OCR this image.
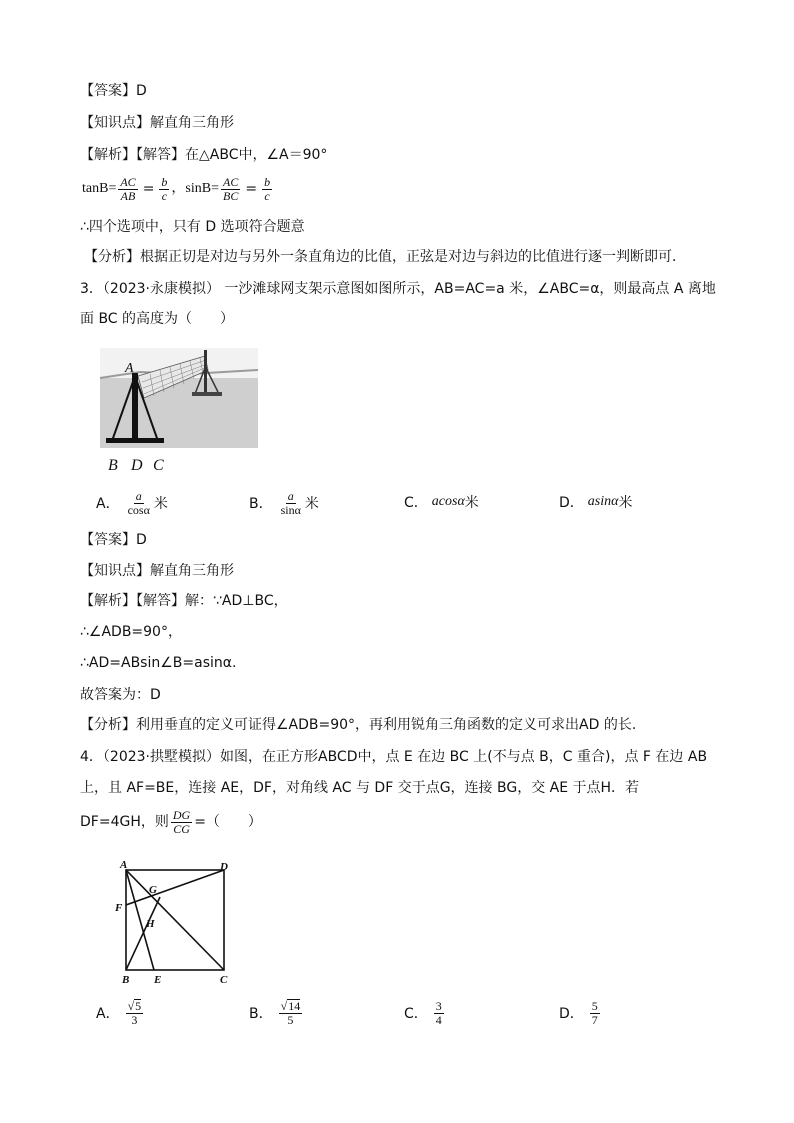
【答案】D
【知识点】解直角三角形
【解析】【解答】在△ABC中，∠A＝90°
$\tan B= \frac{AC}{AB} = \frac{b}{c}$ ，$\sin B= \frac{AC}{BC} = \frac{b}{c}$
∴四个选项中，只有 D 选项符合题意
【分析】根据正切是对边与另外一条直角边的比值，正弦是对边与斜边的比值进行逐一判断即可．
3．（2023·永康模拟） 一沙滩球网支架示意图如图所示，AB=AC=a 米，∠ABC=α，则最高点 A 离地
面 BC 的高度为（　　）
A
B D C
A． $\frac{a}{\cos\alpha}$ 米	B． $\frac{a}{\sin\alpha}$ 米	C． acosα 米	D． asinα 米
【答案】D
【知识点】解直角三角形
【解析】【解答】解：∵AD⊥BC，
∴∠ADB=90°，
∴AD=ABsin∠B=asinα.
故答案为：D
【分析】利用垂直的定义可证得∠ADB=90°，再利用锐角三角函数的定义可求出AD 的长.
4．（2023·拱墅模拟）如图，在正方形ABCD中，点 E 在边 BC 上(不与点 B，C 重合)，点 F 在边 AB
上，且 AF=BE，连接 AE，DF，对角线 AC 与 DF 交于点G，连接 BG，交 AE 于点H．若
DF=4GH，则 $\frac{DG}{CG}$ =（　　）
A	D
G
F
H
B E	C
A． $\frac{√ 5}{3}$	B． $\frac{√ 14}{5}$	C． $\frac{3}{4}$	D． $\frac{5}{7}$
